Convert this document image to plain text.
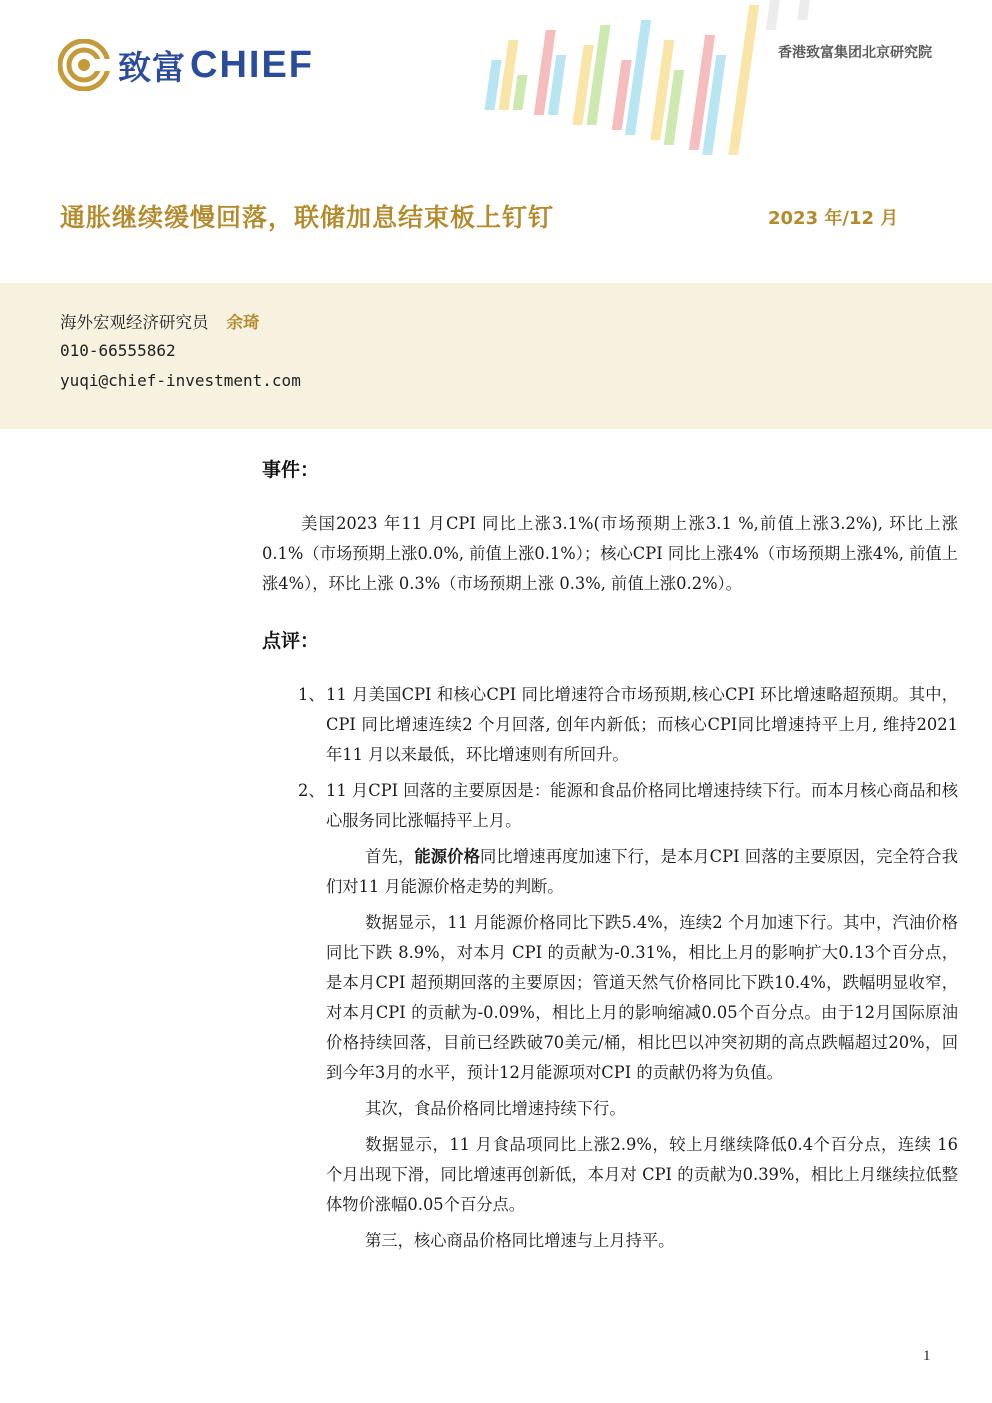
致富 CHIEF	香港致富集团北京研究院
通胀继续缓慢回落，联储加息结束板上钉钉	2023 年/12 月
海外宏观经济研究员 余琦
010-66555862
yuqi@chief-investment.com
事件：

美国2023 年11 月CPI 同比上涨3.1%(市场预期上涨3.1 %,前值上涨3.2%), 环比上涨0.1%（市场预期上涨0.0%, 前值上涨0.1%）；核心CPI 同比上涨4%（市场预期上涨4%, 前值上涨4%），环比上涨 0.3%（市场预期上涨 0.3%, 前值上涨0.2%）。

点评：
1、 11 月美国CPI 和核心CPI 同比增速符合市场预期,核心CPI 环比增速略超预期。其中，CPI 同比增速连续2 个月回落, 创年内新低；而核心CPI同比增速持平上月, 维持2021 年11 月以来最低，环比增速则有所回升。
2、 11 月CPI 回落的主要原因是：能源和食品价格同比增速持续下行。而本月核心商品和核心服务同比涨幅持平上月。

首先，能源价格同比增速再度加速下行，是本月CPI 回落的主要原因，完全符合我们对11 月能源价格走势的判断。

数据显示，11 月能源价格同比下跌5.4%，连续2 个月加速下行。其中，汽油价格同比下跌 8.9%，对本月 CPI 的贡献为-0.31%，相比上月的影响扩大0.13个百分点，是本月CPI 超预期回落的主要原因；管道天然气价格同比下跌10.4%，跌幅明显收窄，对本月CPI 的贡献为-0.09%，相比上月的影响缩减0.05个百分点。由于12月国际原油价格持续回落，目前已经跌破70美元/桶，相比巴以冲突初期的高点跌幅超过20%，回到今年3月的水平，预计12月能源项对CPI 的贡献仍将为负值。

其次，食品价格同比增速持续下行。

数据显示，11 月食品项同比上涨2.9%，较上月继续降低0.4个百分点，连续 16 个月出现下滑，同比增速再创新低，本月对 CPI 的贡献为0.39%，相比上月继续拉低整体物价涨幅0.05个百分点。

第三，核心商品价格同比增速与上月持平。

1
